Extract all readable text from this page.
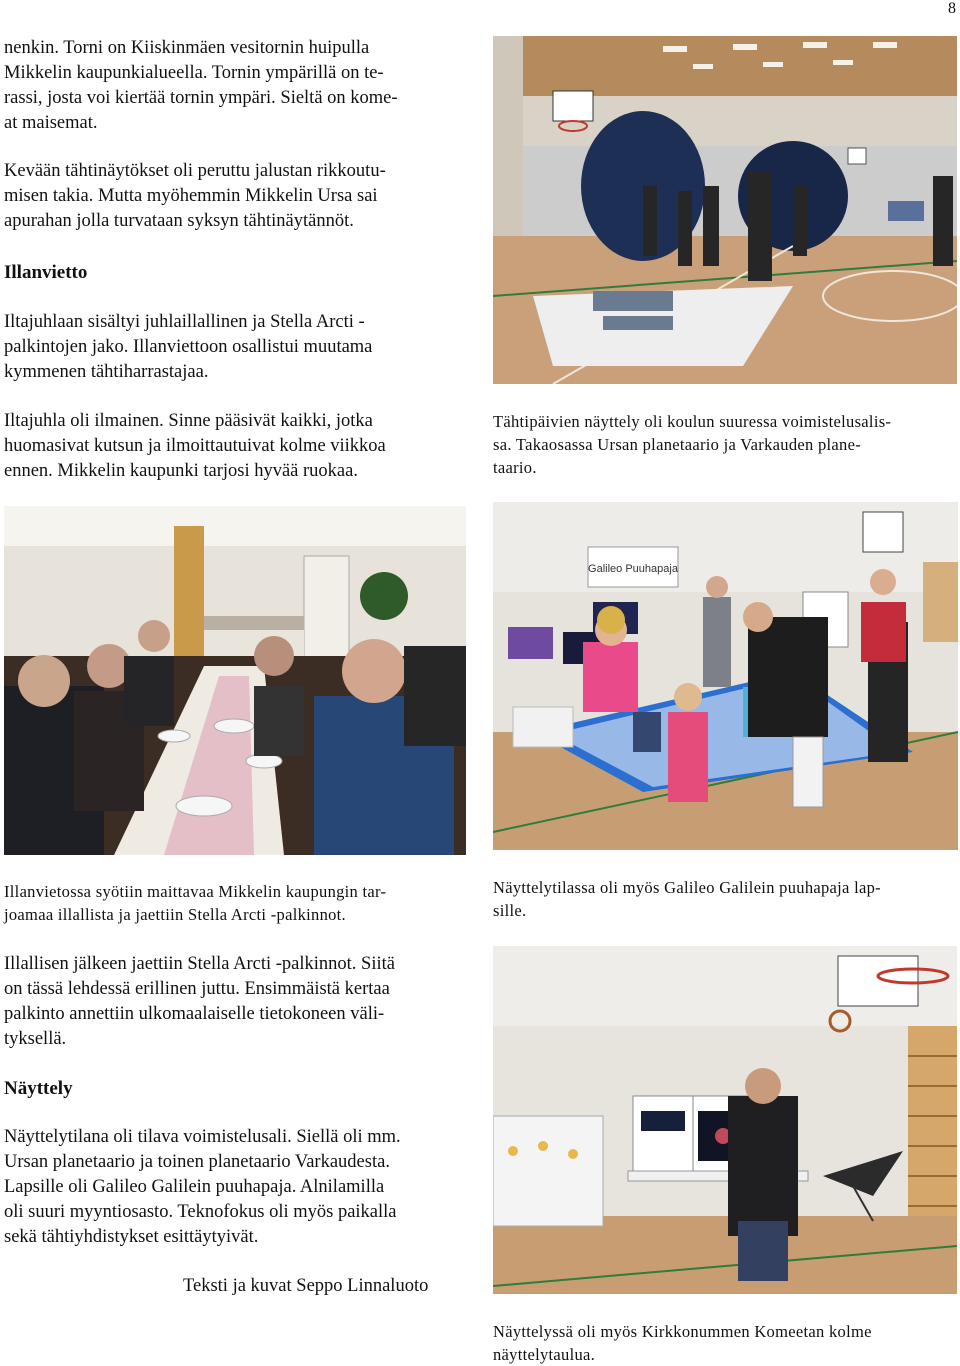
8
nenkin. Torni on Kiiskinmäen vesitornin huipulla
Mikkelin kaupunkialueella. Tornin ympärillä on te-
rassi, josta voi kiertää tornin ympäri. Sieltä on kome-
at maisemat.
Kevään tähtinäytökset oli peruttu jalustan rikkoutu-
misen takia. Mutta myöhemmin Mikkelin Ursa sai
apurahan jolla turvataan syksyn tähtinäytännöt.
Illanvietto
Iltajuhlaan sisältyi juhlaillallinen ja Stella Arcti -
palkintojen jako. Illanviettoon osallistui muutama
kymmenen tähtiharrastajaa.
Iltajuhla oli ilmainen. Sinne pääsivät kaikki, jotka
huomasivat kutsun ja ilmoittautuivat kolme viikkoa
ennen. Mikkelin kaupunki tarjosi hyvää ruokaa.
Tähtipäivien näyttely oli koulun suuressa voimistelusalis-
sa. Takaosassa Ursan planetaario ja Varkauden plane-
taario.
Illanvietossa syötiin maittavaa Mikkelin kaupungin tar-
joamaa illallista ja jaettiin Stella Arcti -palkinnot.
Galileo Puuhapaja
Näyttelytilassa oli myös Galileo Galilein puuhapaja lap-
sille.
Illallisen jälkeen jaettiin Stella Arcti -palkinnot. Siitä
on tässä lehdessä erillinen juttu. Ensimmäistä kertaa
palkinto annettiin ulkomaalaiselle tietokoneen väli-
tyksellä.
Näyttely
Näyttelytilana oli tilava voimistelusali. Siellä oli mm.
Ursan planetaario ja toinen planetaario Varkaudesta.
Lapsille oli Galileo Galilein puuhapaja. Alnilamilla
oli suuri myyntiosasto. Teknofokus oli myös paikalla
sekä tähtiyhdistykset esittäytyivät.
Teksti ja kuvat Seppo Linnaluoto
Näyttelyssä oli myös Kirkkonummen Komeetan kolme
näyttelytaulua.
